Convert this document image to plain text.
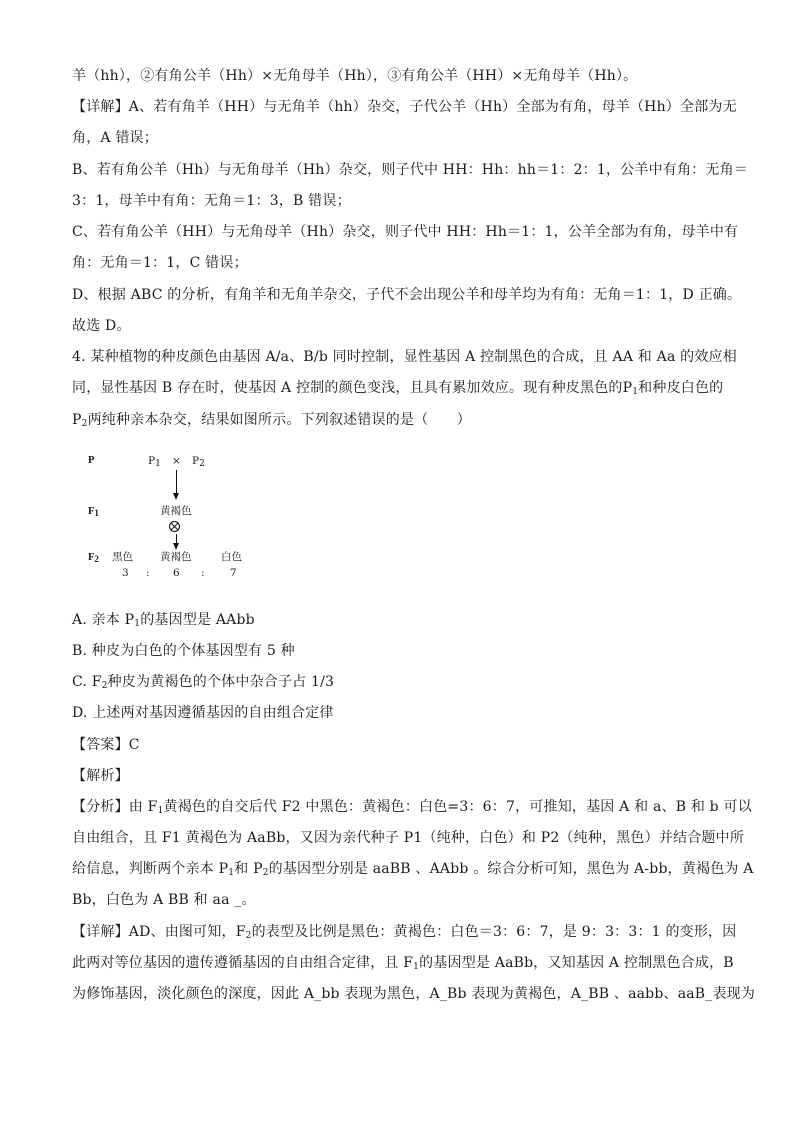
羊（hh），②有角公羊（Hh）×无角母羊（Hh），③有角公羊（HH）×无角母羊（Hh）。
【详解】A、若有角羊（HH）与无角羊（hh）杂交，子代公羊（Hh）全部为有角，母羊（Hh）全部为无
角，A 错误；
B、若有角公羊（Hh）与无角母羊（Hh）杂交，则子代中 HH：Hh：hh＝1：2：1，公羊中有角：无角＝
3：1，母羊中有角：无角＝1：3，B 错误；
C、若有角公羊（HH）与无角母羊（Hh）杂交，则子代中 HH：Hh＝1：1，公羊全部为有角，母羊中有
角：无角＝1：1，C 错误；
D、根据 ABC 的分析，有角羊和无角羊杂交，子代不会出现公羊和母羊均为有角：无角＝1：1，D 正确。
故选 D。
4. 某种植物的种皮颜色由基因 A/a、B/b 同时控制，显性基因 A 控制黑色的合成，且 AA 和 Aa 的效应相
同，显性基因 B 存在时，使基因 A 控制的颜色变浅，且具有累加效应。现有种皮黑色的$P_1$和种皮白色的
$P_2$两纯种亲本杂交，结果如图所示。下列叙述错误的是（　　）
P	$P_1 \times P_2$
$F_1$	黄褐色
$F_2$ 黑色	黄褐色	白色
3 : 6 : 7
A. 亲本 $P_1$的基因型是 AAbb
B. 种皮为白色的个体基因型有 5 种
C. $F_2$种皮为黄褐色的个体中杂合子占 1/3
D. 上述两对基因遵循基因的自由组合定律
【答案】C
【解析】
【分析】由 $F_1$黄褐色的自交后代 F2 中黑色：黄褐色：白色=3：6：7，可推知，基因 A 和 a、B 和 b 可以
自由组合，且 F1 黄褐色为 AaBb，又因为亲代种子 P1（纯种，白色）和 P2（纯种，黑色）并结合题中所
给信息，判断两个亲本 $P_1$和 $P_2$的基因型分别是 aaBB 、AAbb 。综合分析可知，黑色为 A-bb，黄褐色为 A
Bb，白色为 A BB 和 aa _。
【详解】AD、由图可知，$F_2$的表型及比例是黑色：黄褐色：白色＝3：6：7，是 9：3：3：1 的变形，因
此两对等位基因的遗传遵循基因的自由组合定律，且 $F_1$的基因型是 AaBb，又知基因 A 控制黑色合成，B
为修饰基因，淡化颜色的深度，因此 A_bb 表现为黑色，A_Bb 表现为黄褐色，A_BB 、aabb、aaB_表现为
